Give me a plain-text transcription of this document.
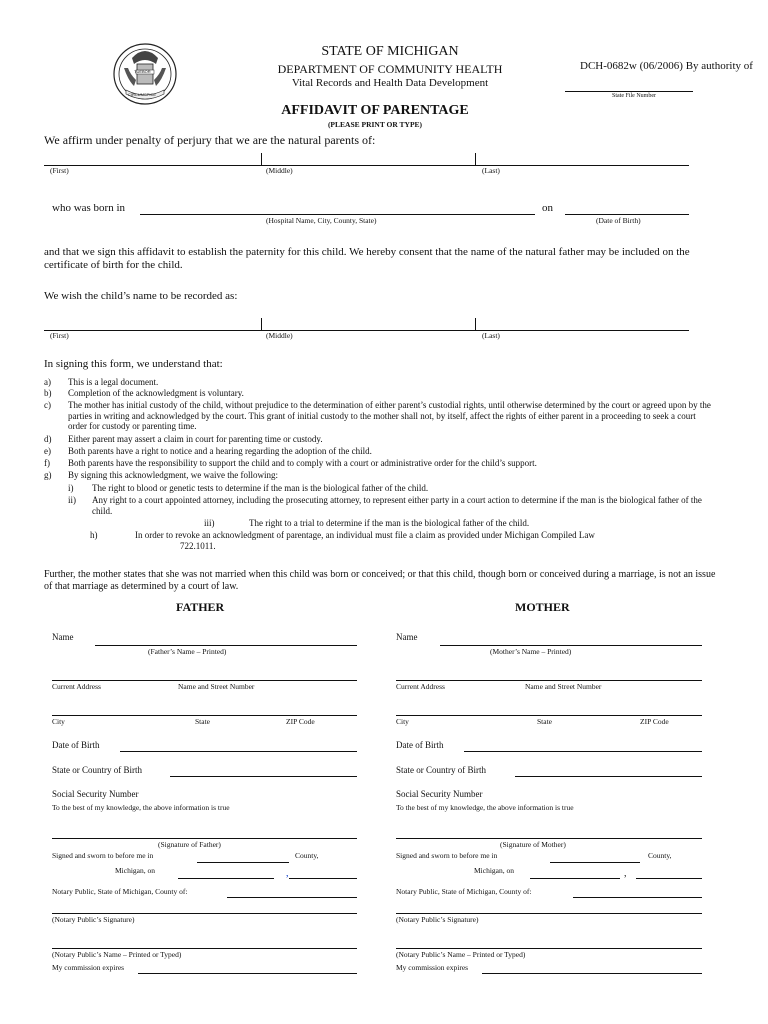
TUEBOR
CIRCUMSPICE
STATE OF MICHIGAN
DEPARTMENT OF COMMUNITY HEALTH
Vital Records and Health Data Development
DCH-0682w (06/2006) By authority of
State File Number
AFFIDAVIT OF PARENTAGE
(PLEASE PRINT OR TYPE)
We affirm under penalty of perjury that we are the natural parents of:
(First)	(Middle)	(Last)
who was born in
(Hospital Name, City, County, State)
on
(Date of Birth)
and that we sign this affidavit to establish the paternity for this child. We hereby consent that the name of the natural father may be included on the certificate of birth for the child.
We wish the child’s name to be recorded as:
(First)	(Middle)	(Last)
In signing this form, we understand that:
a) This is a legal document.
b) Completion of the acknowledgment is voluntary.
c) The mother has initial custody of the child, without prejudice to the determination of either parent’s custodial rights, until otherwise determined by the court or agreed upon by the parties in writing and acknowledged by the court. This grant of initial custody to the mother shall not, by itself, affect the rights of either parent in a proceeding to seek a court order for custody or parenting time.
d) Either parent may assert a claim in court for parenting time or custody.
e) Both parents have a right to notice and a hearing regarding the adoption of the child.
f) Both parents have the responsibility to support the child and to comply with a court or administrative order for the child’s support.
g) By signing this acknowledgment, we waive the following:
i) The right to blood or genetic tests to determine if the man is the biological father of the child.
ii) Any right to a court appointed attorney, including the prosecuting attorney, to represent either party in a court action to determine if the man is the biological father of the child.
iii)	The right to a trial to determine if the man is the biological father of the child.
h)	In order to revoke an acknowledgment of parentage, an individual must file a claim as provided under Michigan Compiled Law
722.1011.
Further, the mother states that she was not married when this child was born or conceived; or that this child, though born or conceived during a marriage, is not an issue of that marriage as determined by a court of law.
FATHER	MOTHER
Name
(Father’s Name – Printed)
Current Address	Name and Street Number
City	State	ZIP Code
Date of Birth
State or Country of Birth
Social Security Number
To the best of my knowledge, the above information is true
(Signature of Father)
Signed and sworn to before me in	County,
Michigan, on	,
Notary Public, State of Michigan, County of:
(Notary Public’s Signature)
(Notary Public’s Name – Printed or Typed)
My commission expires
Name
(Mother’s Name – Printed)
Current Address	Name and Street Number
City	State	ZIP Code
Date of Birth
State or Country of Birth
Social Security Number
To the best of my knowledge, the above information is true
(Signature of Mother)
Signed and sworn to before me in	County,
Michigan, on	,
Notary Public, State of Michigan, County of:
(Notary Public’s Signature)
(Notary Public’s Name – Printed or Typed)
My commission expires
